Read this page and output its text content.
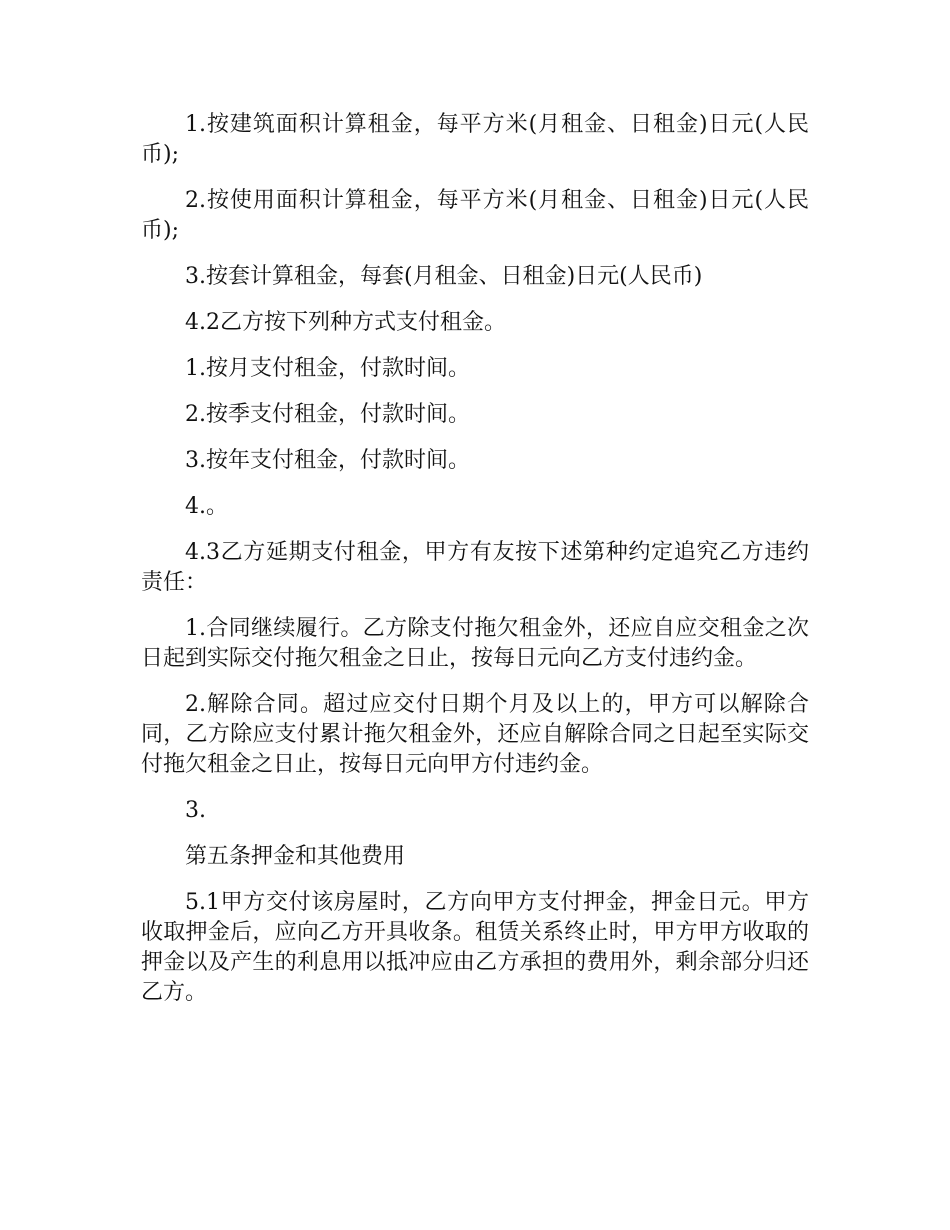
1.按建筑面积计算租金，每平方米(月租金、日租金)日元(人民币);

2.按使用面积计算租金，每平方米(月租金、日租金)日元(人民币);

3.按套计算租金，每套(月租金、日租金)日元(人民币)

4.2乙方按下列种方式支付租金。

1.按月支付租金，付款时间。

2.按季支付租金，付款时间。

3.按年支付租金，付款时间。

4.。

4.3乙方延期支付租金，甲方有友按下述第种约定追究乙方违约责任：

1.合同继续履行。乙方除支付拖欠租金外，还应自应交租金之次日起到实际交付拖欠租金之日止，按每日元向乙方支付违约金。

2.解除合同。超过应交付日期个月及以上的，甲方可以解除合同，乙方除应支付累计拖欠租金外，还应自解除合同之日起至实际交付拖欠租金之日止，按每日元向甲方付违约金。

3.

第五条押金和其他费用

5.1甲方交付该房屋时，乙方向甲方支付押金，押金日元。甲方收取押金后，应向乙方开具收条。租赁关系终止时，甲方甲方收取的押金以及产生的利息用以抵冲应由乙方承担的费用外，剩余部分归还乙方。
